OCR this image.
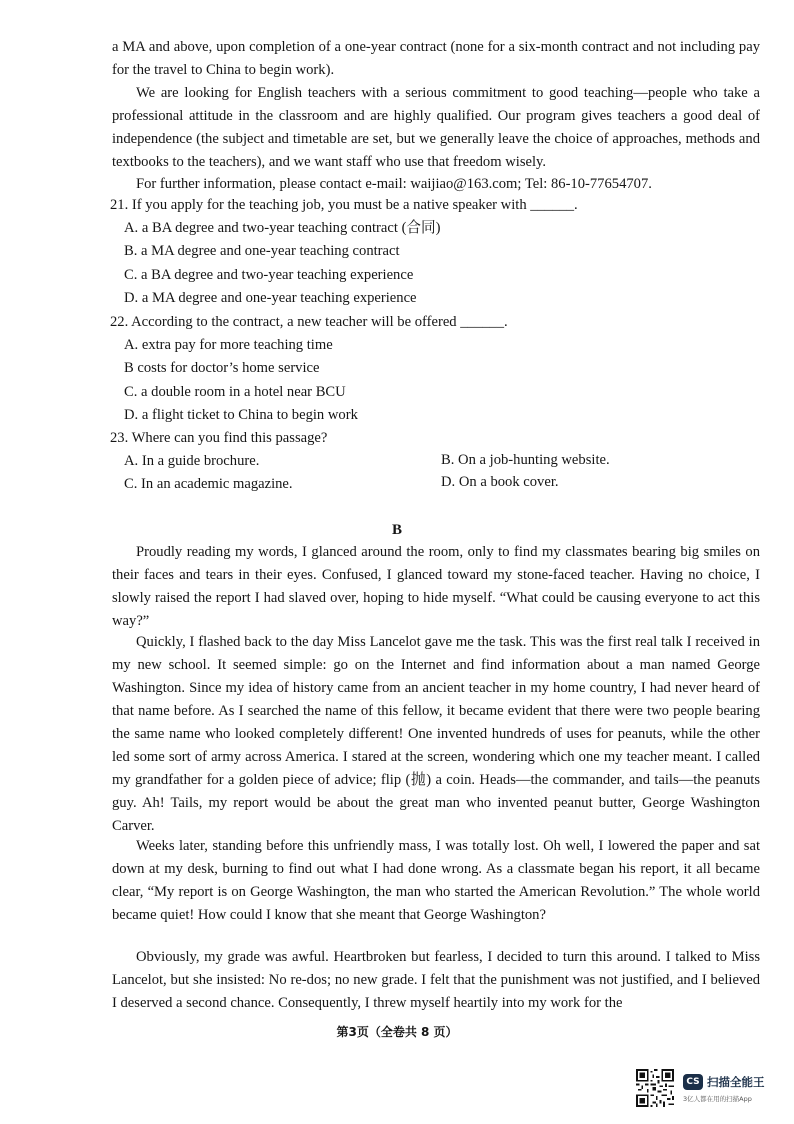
a MA and above, upon completion of a one-year contract (none for a six-month contract and not including pay for the travel to China to begin work).

We are looking for English teachers with a serious commitment to good teaching—people who take a professional attitude in the classroom and are highly qualified. Our program gives teachers a good deal of independence (the subject and timetable are set, but we generally leave the choice of approaches, methods and textbooks to the teachers), and we want staff who use that freedom wisely.

For further information, please contact e-mail: waijiao@163.com; Tel: 86-10-77654707.

21. If you apply for the teaching job, you must be a native speaker with ______.

A. a BA degree and two-year teaching contract (合同)

B. a MA degree and one-year teaching contract

C. a BA degree and two-year teaching experience

D. a MA degree and one-year teaching experience

22. According to the contract, a new teacher will be offered ______.

A. extra pay for more teaching time

B costs for doctor’s home service

C. a double room in a hotel near BCU

D. a flight ticket to China to begin work

23. Where can you find this passage?

A. In a guide brochure.	B. On a job-hunting website.

C. In an academic magazine.	D. On a book cover.

B

Proudly reading my words, I glanced around the room, only to find my classmates bearing big smiles on their faces and tears in their eyes. Confused, I glanced toward my stone-faced teacher. Having no choice, I slowly raised the report I had slaved over, hoping to hide myself. “What could be causing everyone to act this way?”

Quickly, I flashed back to the day Miss Lancelot gave me the task. This was the first real talk I received in my new school. It seemed simple: go on the Internet and find information about a man named George Washington. Since my idea of history came from an ancient teacher in my home country, I had never heard of that name before. As I searched the name of this fellow, it became evident that there were two people bearing the same name who looked completely different! One invented hundreds of uses for peanuts, while the other led some sort of army across America. I stared at the screen, wondering which one my teacher meant. I called my grandfather for a golden piece of advice; flip (抛) a coin. Heads—the commander, and tails—the peanuts guy. Ah! Tails, my report would be about the great man who invented peanut butter, George Washington Carver.

Weeks later, standing before this unfriendly mass, I was totally lost. Oh well, I lowered the paper and sat down at my desk, burning to find out what I had done wrong. As a classmate began his report, it all became clear, “My report is on George Washington, the man who started the American Revolution.” The whole world became quiet! How could I know that she meant that George Washington?

Obviously, my grade was awful. Heartbroken but fearless, I decided to turn this around. I talked to Miss Lancelot, but she insisted: No re-dos; no new grade. I felt that the punishment was not justified, and I believed I deserved a second chance. Consequently, I threw myself heartily into my work for the

第3页（全卷共 8 页）
CS 扫描全能王
3亿人都在用的扫描App
